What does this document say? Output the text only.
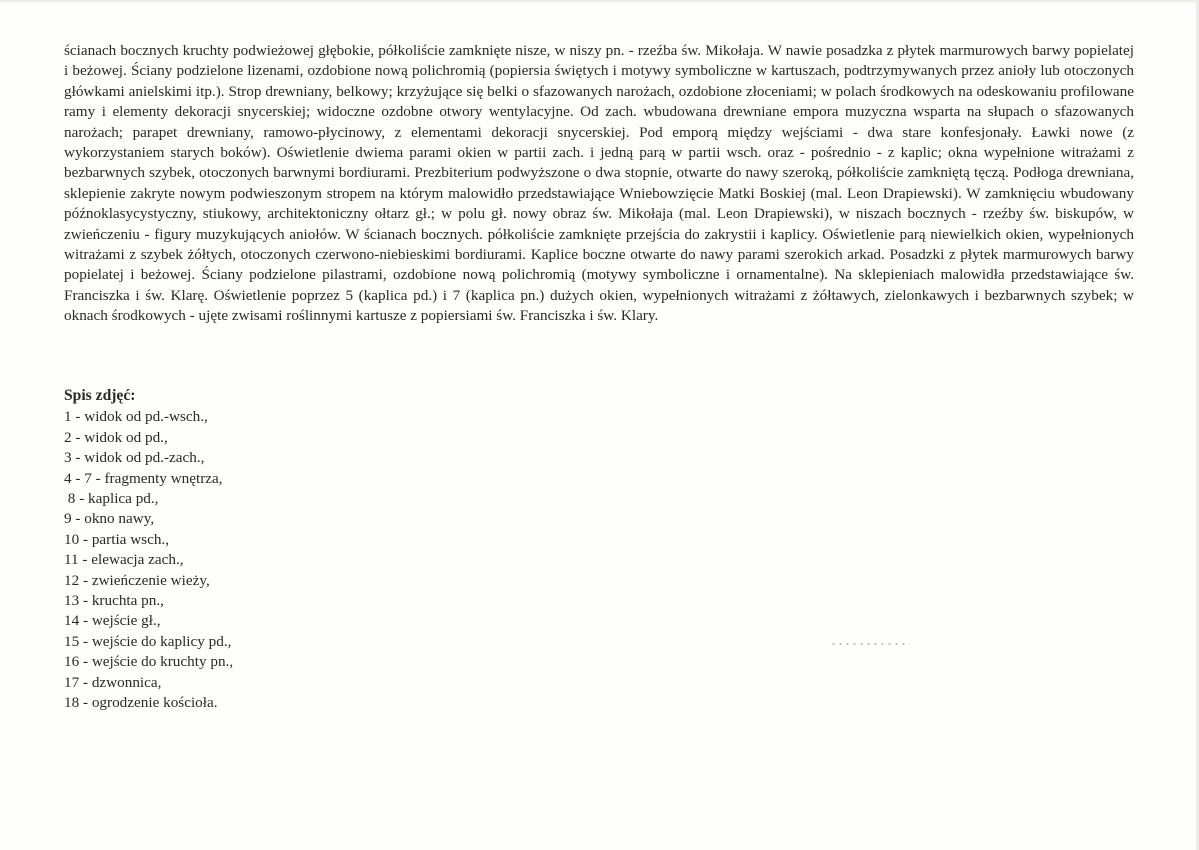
ścianach bocznych kruchty podwieżowej głębokie, półkoliście zamknięte nisze, w niszy pn. - rzeźba św. Mikołaja. W nawie posadzka z płytek marmurowych barwy popielatej i beżowej. Ściany podzielone lizenami, ozdobione nową polichromią (popiersia świętych i motywy symboliczne w kartuszach, podtrzymywanych przez anioły lub otoczonych główkami anielskimi itp.). Strop drewniany, belkowy; krzyżujące się belki o sfazowanych narożach, ozdobione złoceniami; w polach środkowych na odeskowaniu profilowane ramy i elementy dekoracji snycerskiej; widoczne ozdobne otwory wentylacyjne. Od zach. wbudowana drewniane empora muzyczna wsparta na słupach o sfazowanych narożach; parapet drewniany, ramowo-płycinowy, z elementami dekoracji snycerskiej. Pod emporą między wejściami - dwa stare konfesjonały. Ławki nowe (z wykorzystaniem starych boków). Oświetlenie dwiema parami okien w partii zach. i jedną parą w partii wsch. oraz - pośrednio - z kaplic; okna wypełnione witrażami z bezbarwnych szybek, otoczonych barwnymi bordiurami. Prezbiterium podwyższone o dwa stopnie, otwarte do nawy szeroką, półkoliście zamkniętą tęczą. Podłoga drewniana, sklepienie zakryte nowym podwieszonym stropem na którym malowidło przedstawiające Wniebowzięcie Matki Boskiej (mal. Leon Drapiewski). W zamknięciu wbudowany późnoklasycystyczny, stiukowy, architektoniczny ołtarz gł.; w polu gł. nowy obraz św. Mikołaja (mal. Leon Drapiewski), w niszach bocznych - rzeźby św. biskupów, w zwieńczeniu - figury muzykujących aniołów. W ścianach bocznych. półkoliście zamknięte przejścia do zakrystii i kaplicy. Oświetlenie parą niewielkich okien, wypełnionych witrażami z szybek żółtych, otoczonych czerwono-niebieskimi bordiurami. Kaplice boczne otwarte do nawy parami szerokich arkad. Posadzki z płytek marmurowych barwy popielatej i beżowej. Ściany podzielone pilastrami, ozdobione nową polichromią (motywy symboliczne i ornamentalne). Na sklepieniach malowidła przedstawiające św. Franciszka i św. Klarę. Oświetlenie poprzez 5 (kaplica pd.) i 7 (kaplica pn.) dużych okien, wypełnionych witrażami z żółtawych, zielonkawych i bezbarwnych szybek; w oknach środkowych - ujęte zwisami roślinnymi kartusze z popiersiami św. Franciszka i św. Klary.

Spis zdjęć:
1 - widok od pd.-wsch.,
2 - widok od pd.,
3 - widok od pd.-zach.,
4 - 7 - fragmenty wnętrza,
8 - kaplica pd.,
9 - okno nawy,
10 - partia wsch.,
11 - elewacja zach.,
12 - zwieńczenie wieży,
13 - kruchta pn.,
14 - wejście gł.,
15 - wejście do kaplicy pd.,
16 - wejście do kruchty pn.,
17 - dzwonnica,
18 - ogrodzenie kościoła.
